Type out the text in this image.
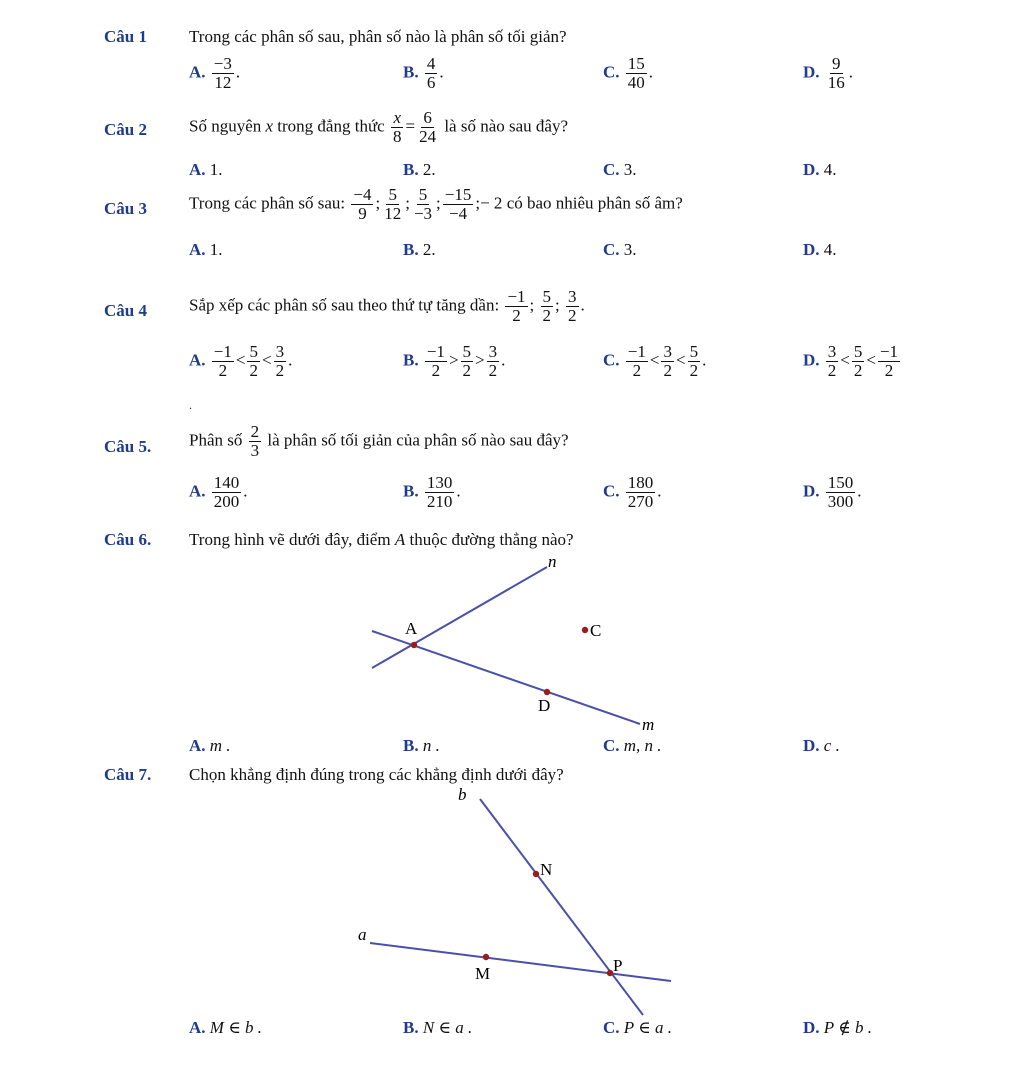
Câu 1 Trong các phân số sau, phân số nào là phân số tối giản?
A. $\frac{-3}{12}$ .	B. $\frac{4}{6}$ .	C. $\frac{15}{40}$ .	D. $\frac{9}{16}$ .
Câu 2 Số nguyên x trong đẳng thức $\frac{x}{8} = \frac{6}{24}$ là số nào sau đây?
A. 1.	B. 2.	C. 3.	D. 4.
Câu 3 Trong các phân số sau: $\frac{-4}{9}$ ; $\frac{5}{12}$ ; $\frac{5}{-3}$ ; $\frac{-15}{-4}$ ;− 2 có bao nhiêu phân số âm?
A. 1.	B. 2.	C. 3.	D. 4.
Câu 4 Sắp xếp các phân số sau theo thứ tự tăng dần: $\frac{-1}{2}$ ; $\frac{5}{2}$ ; $\frac{3}{2}$ .
A. $\frac{-1}{2} < \frac{5}{2} < \frac{3}{2}$ .	B. $\frac{-1}{2} > \frac{5}{2} > \frac{3}{2}$ .	C. $\frac{-1}{2} < \frac{3}{2} < \frac{5}{2}$ .	D. $\frac{3}{2} < \frac{5}{2} < \frac{-1}{2}$
.
Câu 5. Phân số $\frac{2}{3}$ là phân số tối giản của phân số nào sau đây?
A. $\frac{140}{200}$ .	B. $\frac{130}{210}$ .	C. $\frac{180}{270}$ .	D. $\frac{150}{300}$ .
Câu 6. Trong hình vẽ dưới đây, điểm A thuộc đường thẳng nào?
n
A	C
D
m
b
N
a
M	P
A. m .	B. n .	C. m, n .	D. c .
Câu 7. Chọn khẳng định đúng trong các khẳng định dưới đây?
A. M ∈ b .	B. N ∈ a .	C. P ∈ a .	D. P ∉ b .
